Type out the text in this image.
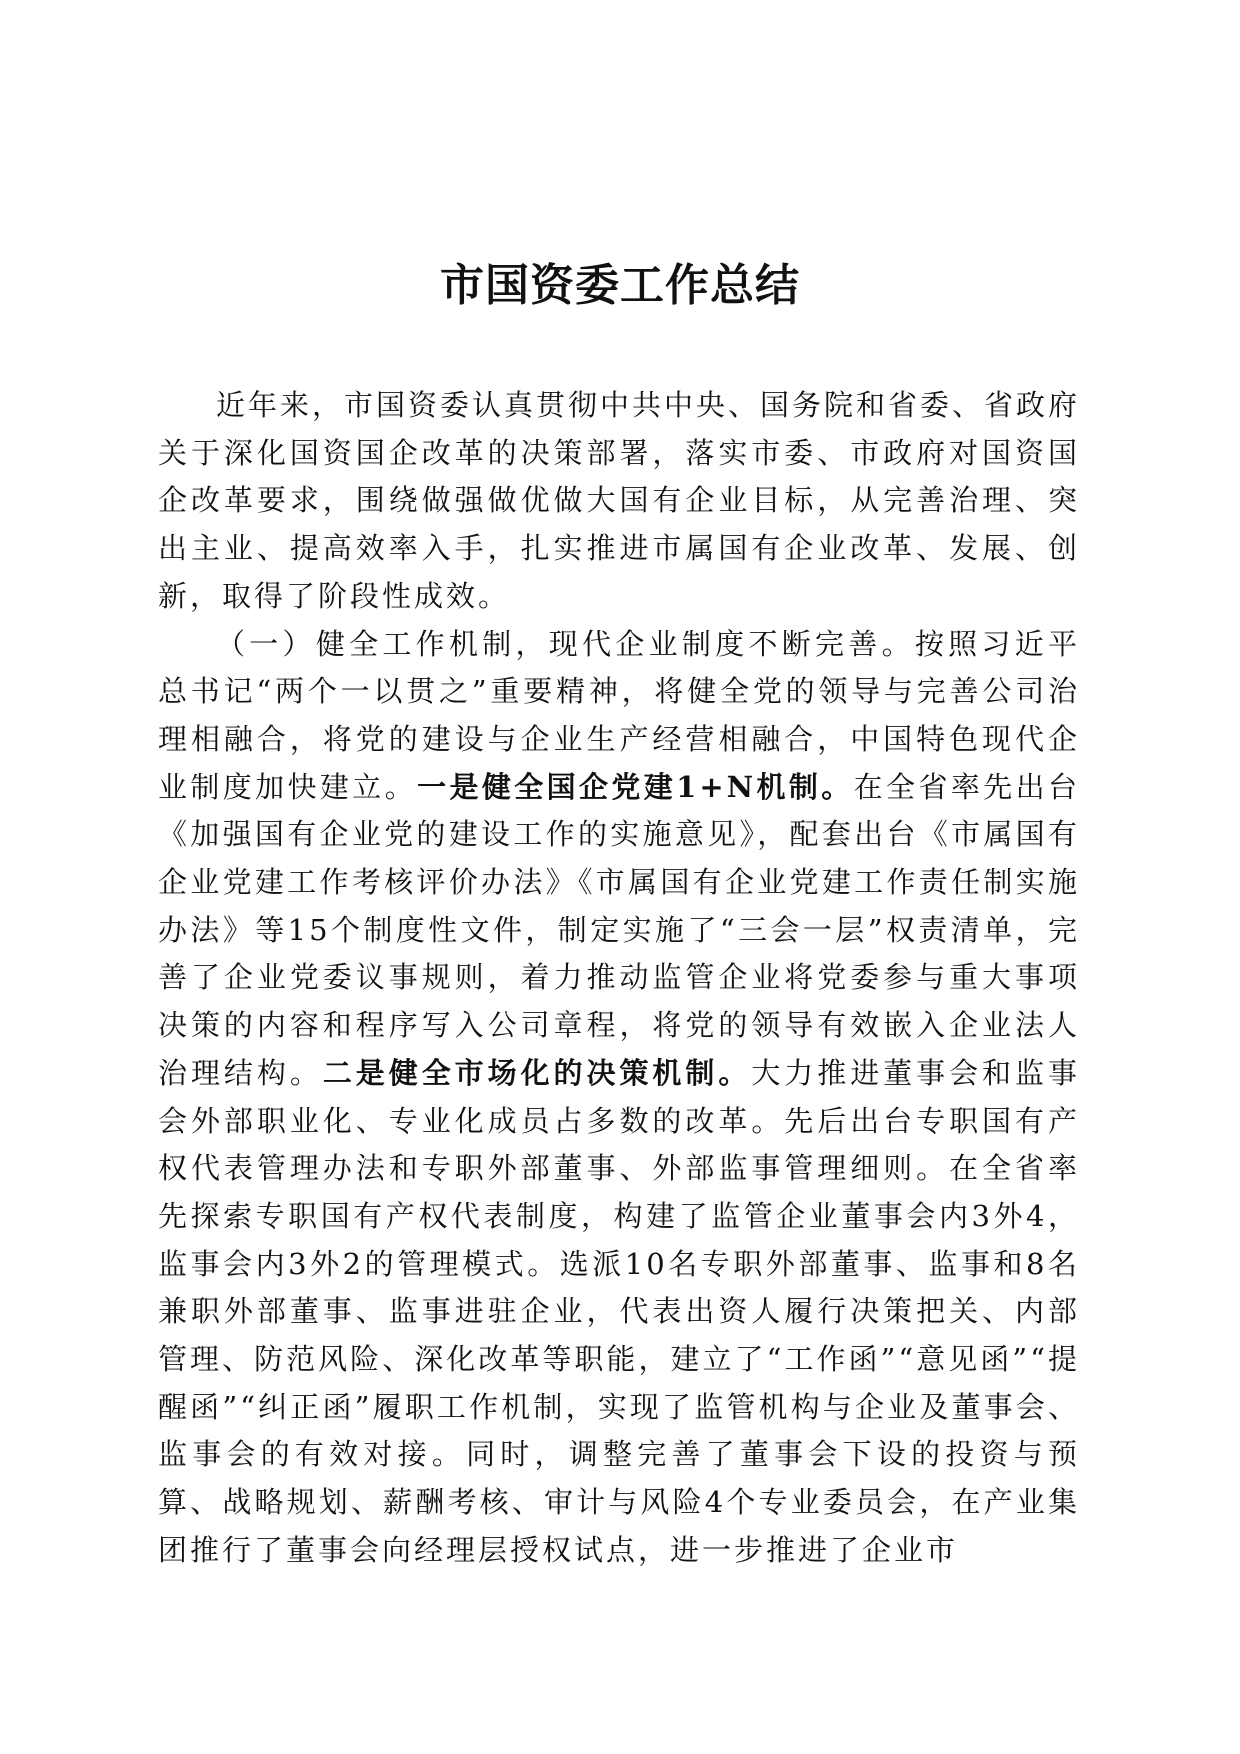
市国资委工作总结

近年来，市国资委认真贯彻中共中央、国务院和省委、省政府关于深化国资国企改革的决策部署，落实市委、市政府对国资国企改革要求，围绕做强做优做大国有企业目标，从完善治理、突出主业、提高效率入手，扎实推进市属国有企业改革、发展、创新，取得了阶段性成效。

（一）健全工作机制，现代企业制度不断完善。按照习近平总书记“两个一以贯之”重要精神，将健全党的领导与完善公司治理相融合，将党的建设与企业生产经营相融合，中国特色现代企业制度加快建立。一是健全国企党建1+N机制。在全省率先出台《加强国有企业党的建设工作的实施意见》，配套出台《市属国有企业党建工作考核评价办法》《市属国有企业党建工作责任制实施办法》等15个制度性文件，制定实施了“三会一层”权责清单，完善了企业党委议事规则，着力推动监管企业将党委参与重大事项决策的内容和程序写入公司章程，将党的领导有效嵌入企业法人治理结构。二是健全市场化的决策机制。大力推进董事会和监事会外部职业化、专业化成员占多数的改革。先后出台专职国有产权代表管理办法和专职外部董事、外部监事管理细则。在全省率先探索专职国有产权代表制度，构建了监管企业董事会内3外4，监事会内3外2的管理模式。选派10名专职外部董事、监事和8名兼职外部董事、监事进驻企业，代表出资人履行决策把关、内部管理、防范风险、深化改革等职能，建立了“工作函”“意见函”“提醒函”“纠正函”履职工作机制，实现了监管机构与企业及董事会、监事会的有效对接。同时，调整完善了董事会下设的投资与预算、战略规划、薪酬考核、审计与风险4个专业委员会，在产业集团推行了董事会向经理层授权试点，进一步推进了企业市
